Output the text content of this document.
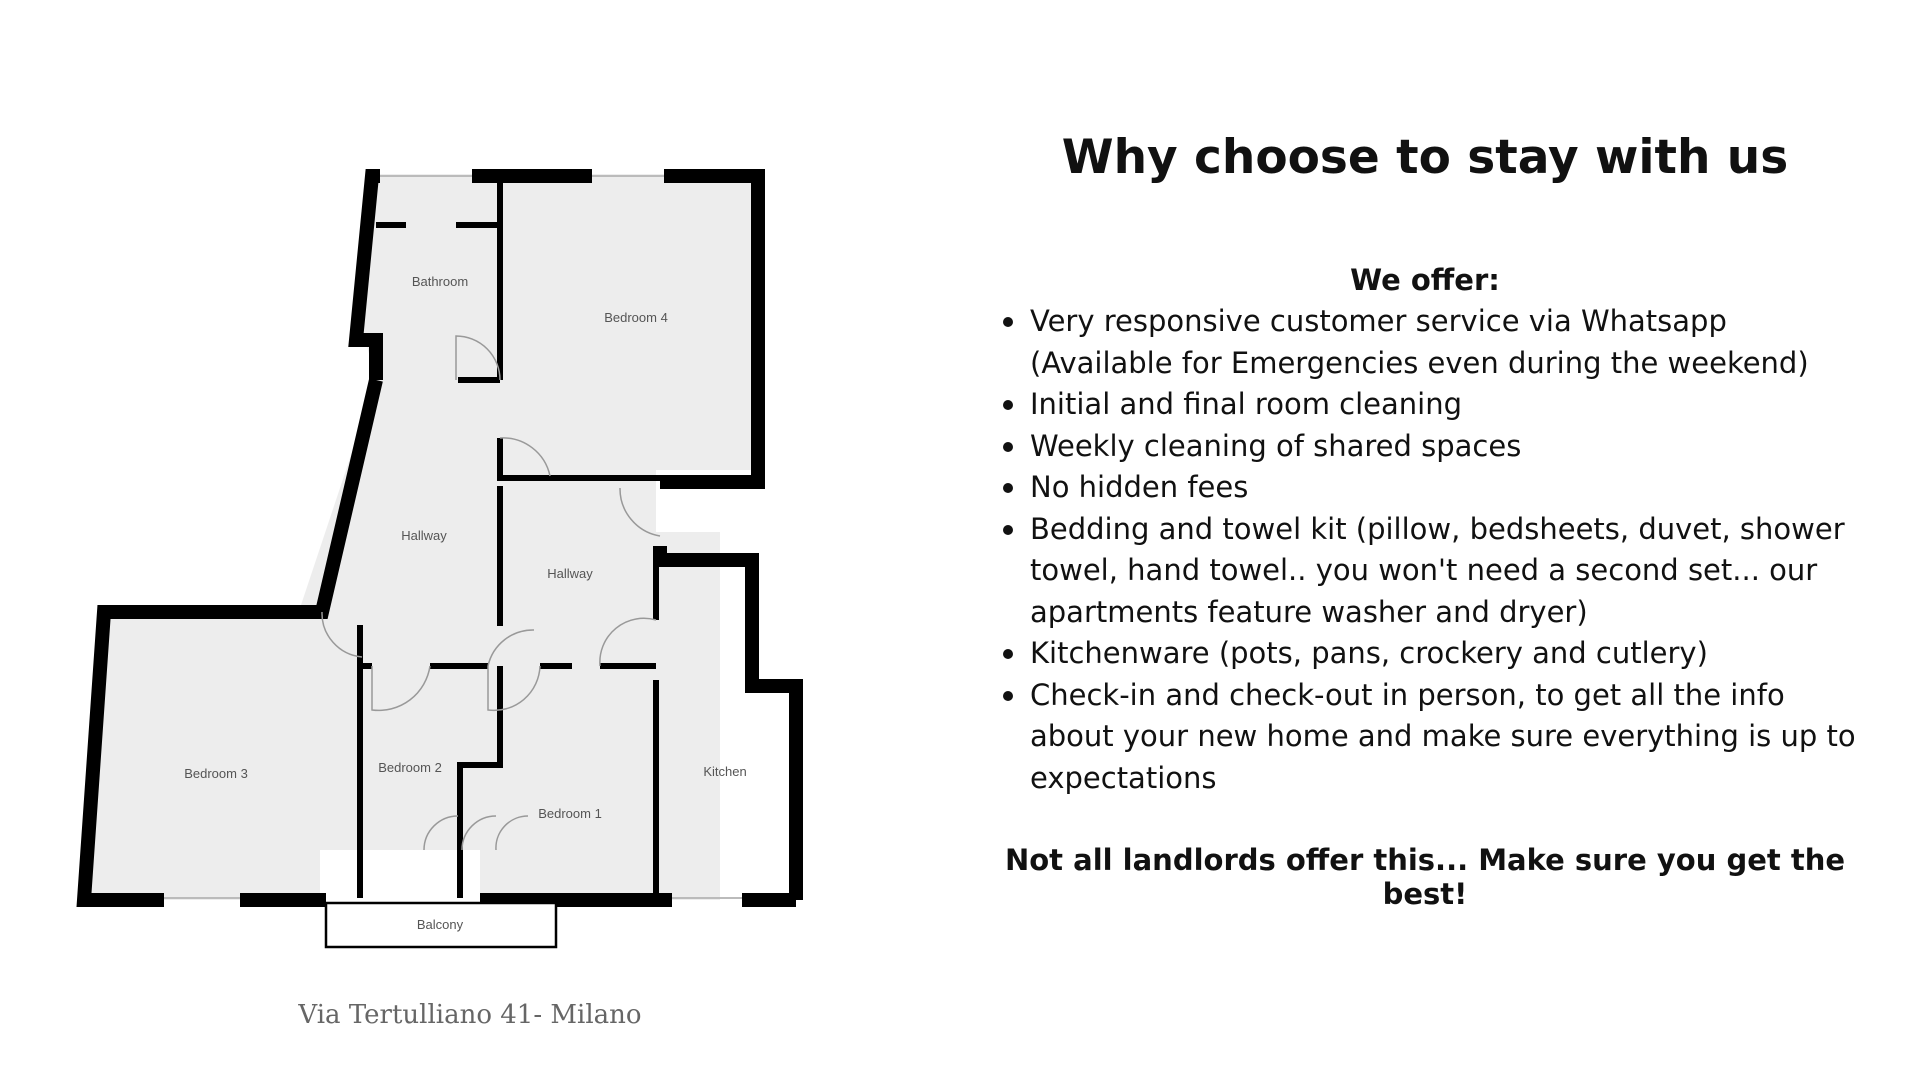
Bathroom
Bedroom 4
Hallway
Hallway
Bedroom 3	Bedroom 2
Bedroom 1
Kitchen
Balcony
Via Tertulliano 41- Milano
Why choose to stay with us
We offer:
Very responsive customer service via Whatsapp (Available for Emergencies even during the weekend)
Initial and final room cleaning
Weekly cleaning of shared spaces
No hidden fees
Bedding and towel kit (pillow, bedsheets, duvet, shower towel, hand towel.. you won't need a second set... our apartments feature washer and dryer)
Kitchenware (pots, pans, crockery and cutlery)
Check-in and check-out in person, to get all the info about your new home and make sure everything is up to expectations
Not all landlords offer this... Make sure you get the best!
